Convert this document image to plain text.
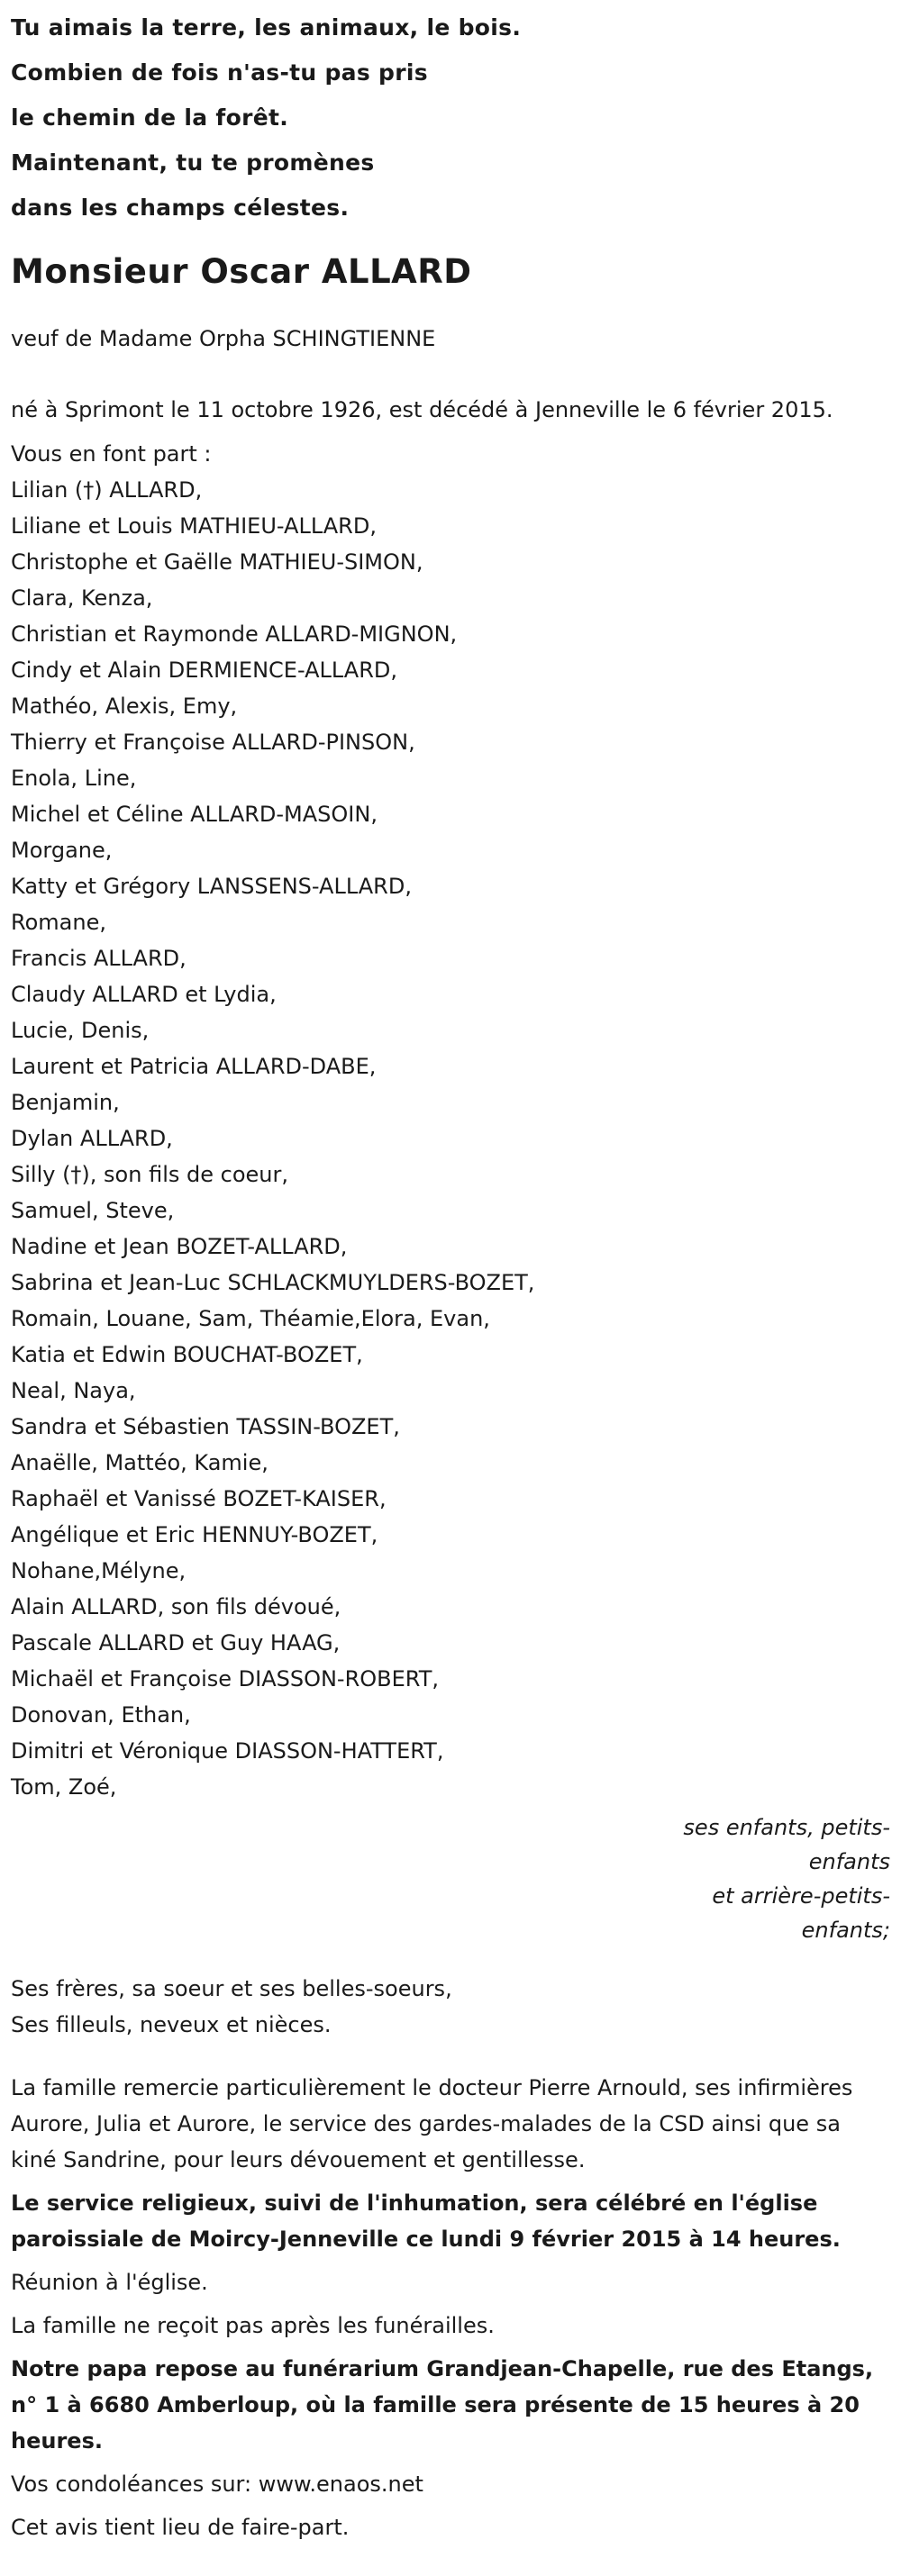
Tu aimais la terre, les animaux, le bois.
Combien de fois n'as-tu pas pris
le chemin de la forêt.
Maintenant, tu te promènes
dans les champs célestes.
Monsieur Oscar ALLARD
veuf de Madame Orpha SCHINGTIENNE
né à Sprimont le 11 octobre 1926, est décédé à Jenneville le 6 février 2015.
Vous en font part :
Lilian (†) ALLARD,
Liliane et Louis MATHIEU-ALLARD,
Christophe et Gaëlle MATHIEU-SIMON,
Clara, Kenza,
Christian et Raymonde ALLARD-MIGNON,
Cindy et Alain DERMIENCE-ALLARD,
Mathéo, Alexis, Emy,
Thierry et Françoise ALLARD-PINSON,
Enola, Line,
Michel et Céline ALLARD-MASOIN,
Morgane,
Katty et Grégory LANSSENS-ALLARD,
Romane,
Francis ALLARD,
Claudy ALLARD et Lydia,
Lucie, Denis,
Laurent et Patricia ALLARD-DABE,
Benjamin,
Dylan ALLARD,
Silly (†), son fils de coeur,
Samuel, Steve,
Nadine et Jean BOZET-ALLARD,
Sabrina et Jean-Luc SCHLACKMUYLDERS-BOZET,
Romain, Louane, Sam, Théamie,Elora, Evan,
Katia et Edwin BOUCHAT-BOZET,
Neal, Naya,
Sandra et Sébastien TASSIN-BOZET,
Anaëlle, Mattéo, Kamie,
Raphaël et Vanissé BOZET-KAISER,
Angélique et Eric HENNUY-BOZET,
Nohane,Mélyne,
Alain ALLARD, son fils dévoué,
Pascale ALLARD et Guy HAAG,
Michaël et Françoise DIASSON-ROBERT,
Donovan, Ethan,
Dimitri et Véronique DIASSON-HATTERT,
Tom, Zoé,
ses enfants, petits-
enfants
et arrière-petits-
enfants;
Ses frères, sa soeur et ses belles-soeurs,
Ses filleuls, neveux et nièces.
La famille remercie particulièrement le docteur Pierre Arnould, ses infirmières Aurore, Julia et Aurore, le service des gardes-malades de la CSD ainsi que sa kiné Sandrine, pour leurs dévouement et gentillesse.
Le service religieux, suivi de l'inhumation, sera célébré en l'église paroissiale de Moircy-Jenneville ce lundi 9 février 2015 à 14 heures.
Réunion à l'église.
La famille ne reçoit pas après les funérailles.
Notre papa repose au funérarium Grandjean-Chapelle, rue des Etangs, n° 1 à 6680 Amberloup, où la famille sera présente de 15 heures à 20 heures.
Vos condoléances sur: www.enaos.net
Cet avis tient lieu de faire-part.
